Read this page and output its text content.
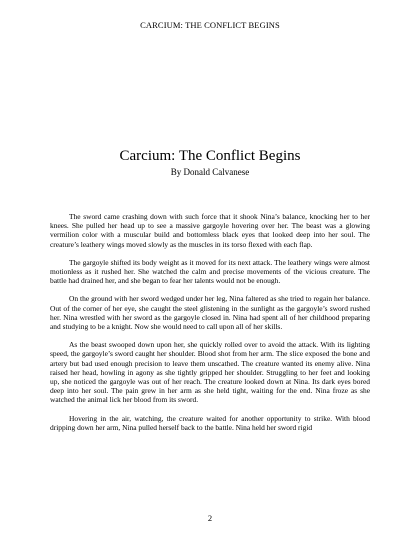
CARCIUM: THE CONFLICT BEGINS
Carcium: The Conflict Begins
By Donald Calvanese

The sword came crashing down with such force that it shook Nina’s balance, knocking her to her knees. She pulled her head up to see a massive gargoyle hovering over her. The beast was a glowing vermilion color with a muscular build and bottomless black eyes that looked deep into her soul. The creature’s leathery wings moved slowly as the muscles in its torso flexed with each flap.

The gargoyle shifted its body weight as it moved for its next attack. The leathery wings were almost motionless as it rushed her. She watched the calm and precise movements of the vicious creature. The battle had drained her, and she began to fear her talents would not be enough.

On the ground with her sword wedged under her leg, Nina faltered as she tried to regain her balance. Out of the corner of her eye, she caught the steel glistening in the sunlight as the gargoyle’s sword rushed her. Nina wrestled with her sword as the gargoyle closed in. Nina had spent all of her childhood preparing and studying to be a knight. Now she would need to call upon all of her skills.

As the beast swooped down upon her, she quickly rolled over to avoid the attack. With its lighting speed, the gargoyle’s sword caught her shoulder. Blood shot from her arm. The slice exposed the bone and artery but bad used enough precision to leave them unscathed. The creature wanted its enemy alive. Nina raised her head, howling in agony as she tightly gripped her shoulder. Struggling to her feet and looking up, she noticed the gargoyle was out of her reach. The creature looked down at Nina. Its dark eyes bored deep into her soul. The pain grew in her arm as she held tight, waiting for the end. Nina froze as she watched the animal lick her blood from its sword.

Hovering in the air, watching, the creature waited for another opportunity to strike. With blood dripping down her arm, Nina pulled herself back to the battle. Nina held her sword rigid

2
